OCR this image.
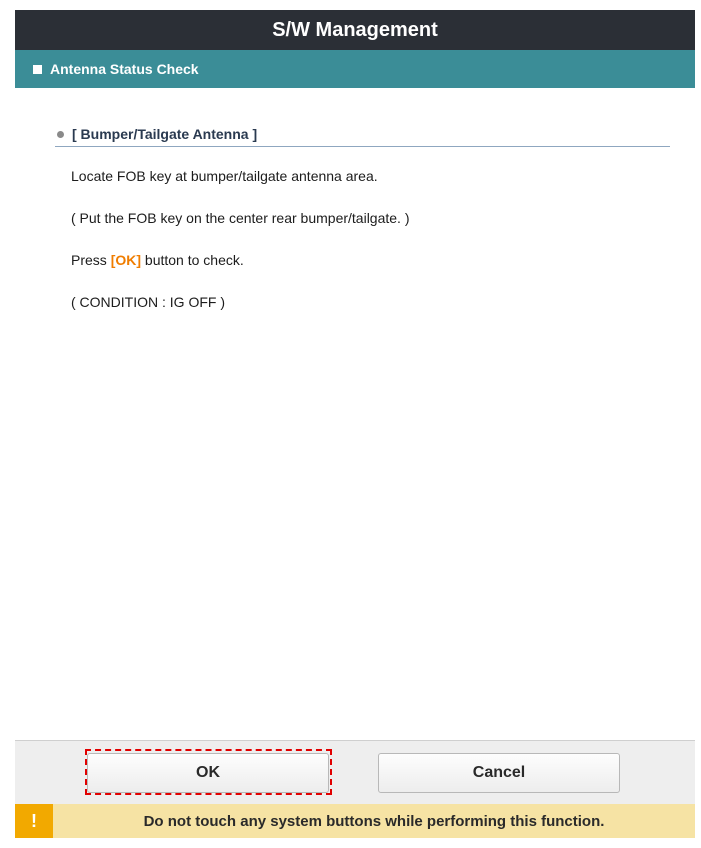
S/W Management
Antenna Status Check
[ Bumper/Tailgate Antenna ]
Locate FOB key at bumper/tailgate antenna area.
( Put the FOB key on the center rear bumper/tailgate. )
Press [OK] button to check.
( CONDITION : IG OFF )
OK	Cancel
!	Do not touch any system buttons while performing this function.
